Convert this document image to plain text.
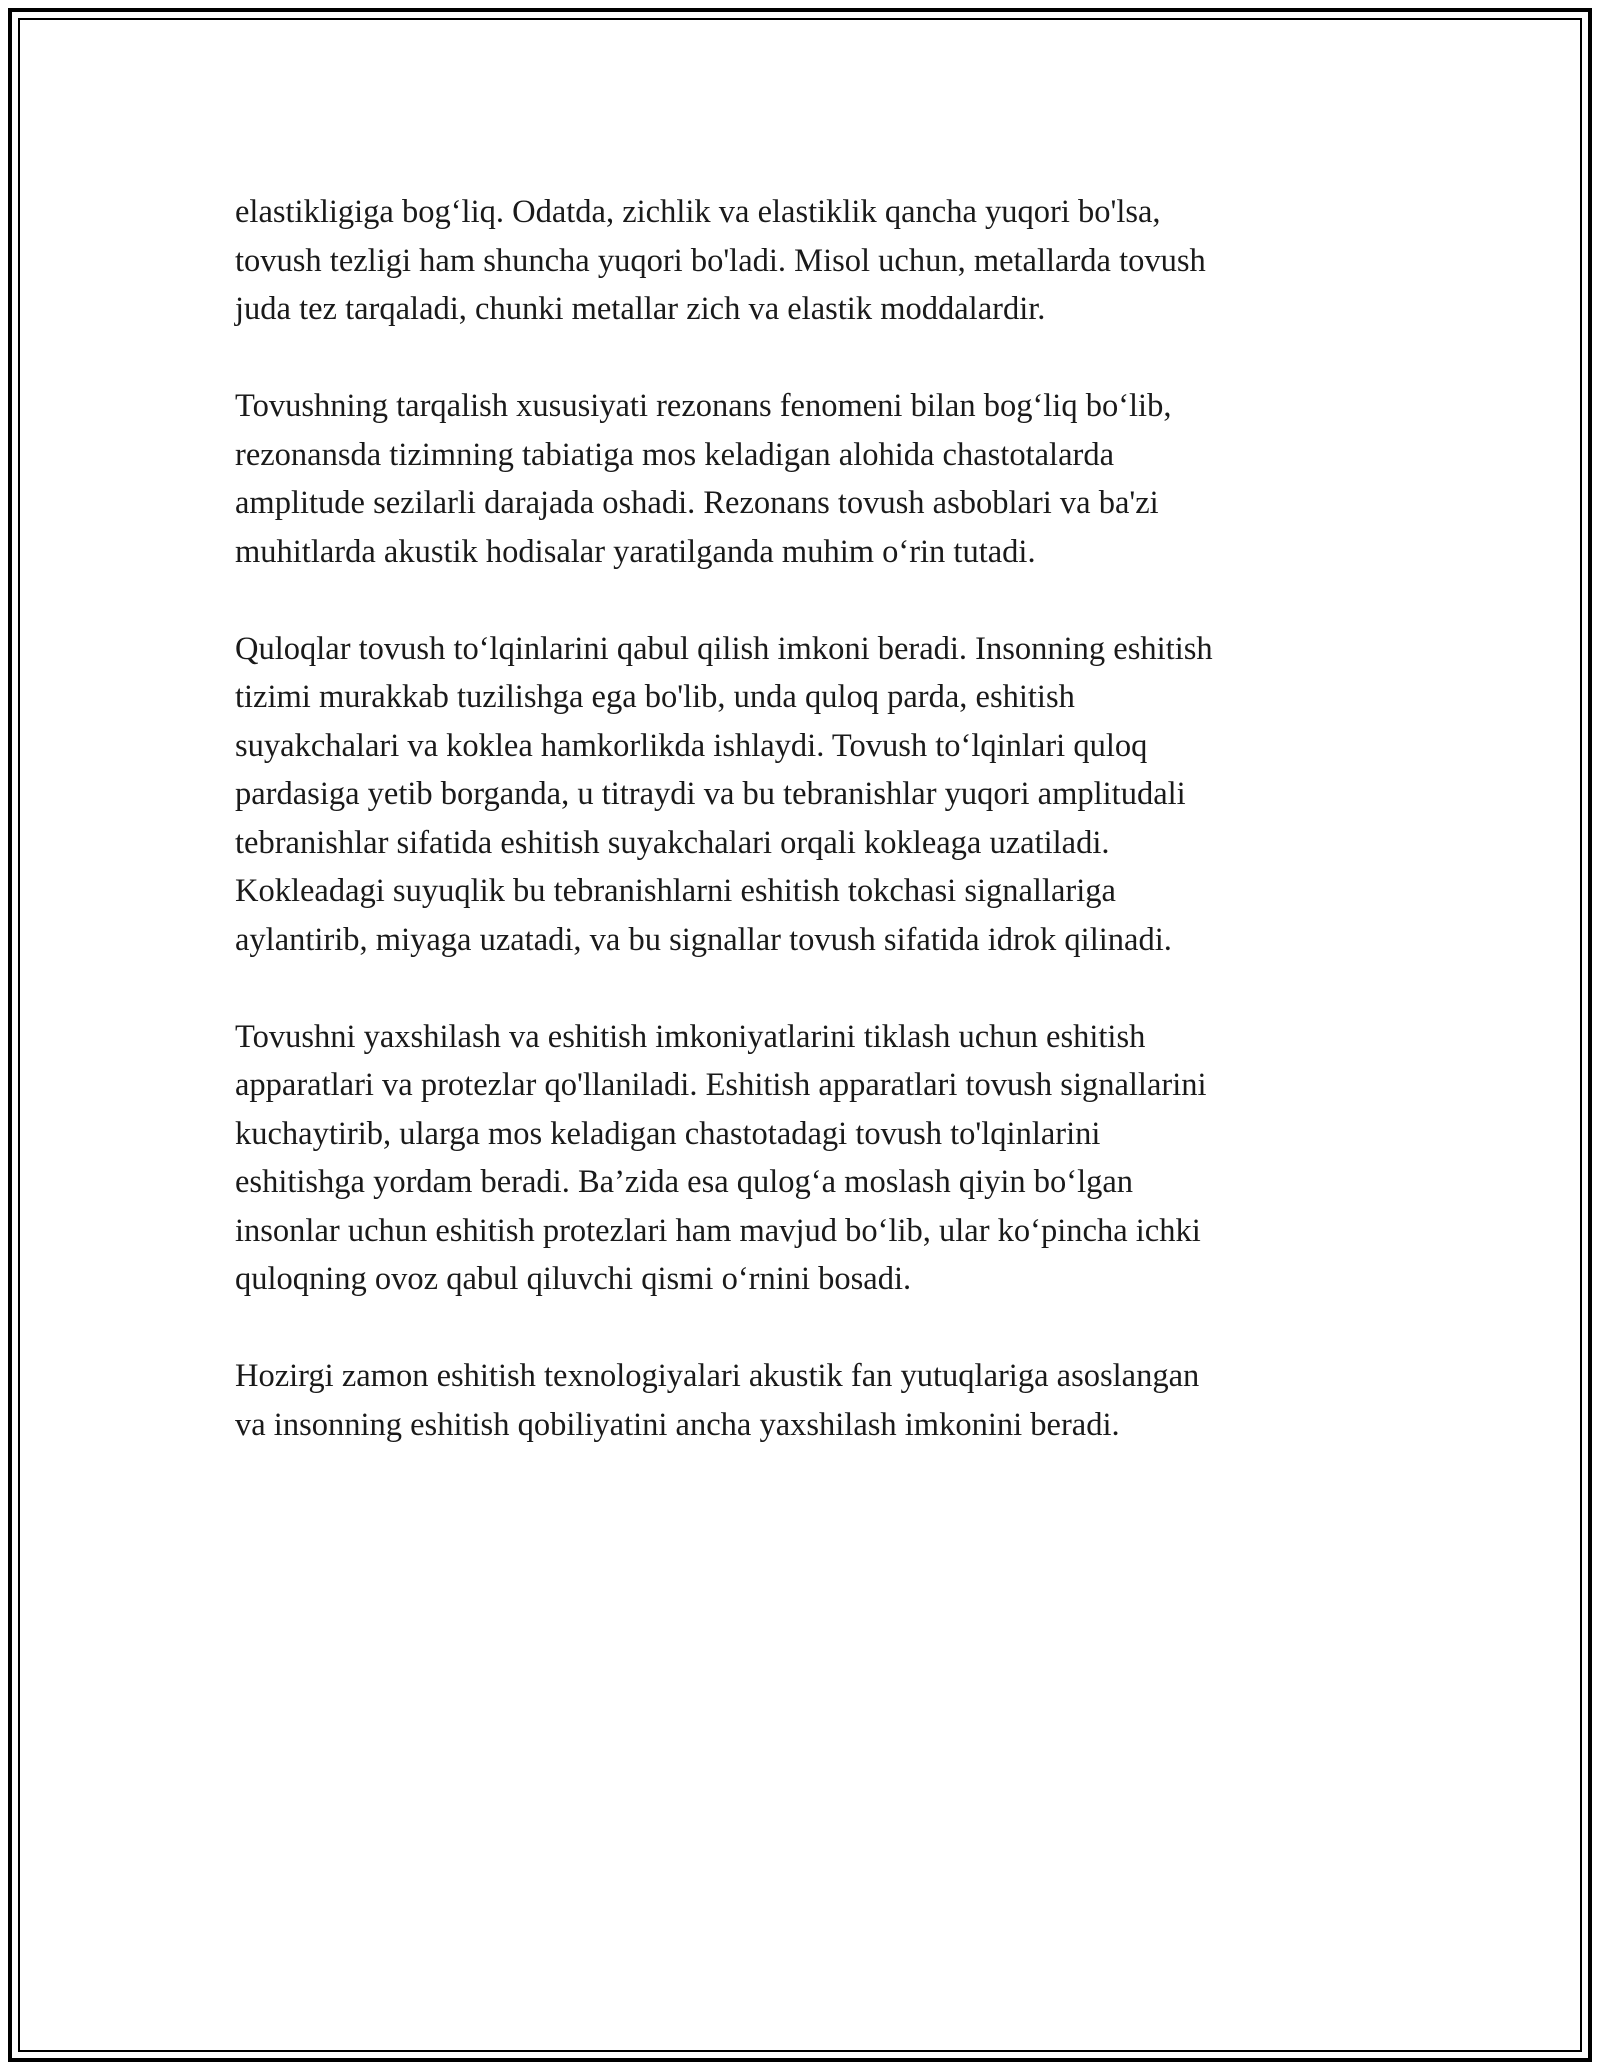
elastikligiga bog‘liq. Odatda, zichlik va elastiklik qancha yuqori bo'lsa,
tovush tezligi ham shuncha yuqori bo'ladi. Misol uchun, metallarda tovush
juda tez tarqaladi, chunki metallar zich va elastik moddalardir.

Tovushning tarqalish xususiyati rezonans fenomeni bilan bog‘liq bo‘lib,
rezonansda tizimning tabiatiga mos keladigan alohida chastotalarda
amplitude sezilarli darajada oshadi. Rezonans tovush asboblari va ba'zi
muhitlarda akustik hodisalar yaratilganda muhim o‘rin tutadi.

Quloqlar tovush to‘lqinlarini qabul qilish imkoni beradi. Insonning eshitish
tizimi murakkab tuzilishga ega bo'lib, unda quloq parda, eshitish
suyakchalari va koklea hamkorlikda ishlaydi. Tovush to‘lqinlari quloq
pardasiga yetib borganda, u titraydi va bu tebranishlar yuqori amplitudali
tebranishlar sifatida eshitish suyakchalari orqali kokleaga uzatiladi.
Kokleadagi suyuqlik bu tebranishlarni eshitish tokchasi signallariga
aylantirib, miyaga uzatadi, va bu signallar tovush sifatida idrok qilinadi.

Tovushni yaxshilash va eshitish imkoniyatlarini tiklash uchun eshitish
apparatlari va protezlar qo'llaniladi. Eshitish apparatlari tovush signallarini
kuchaytirib, ularga mos keladigan chastotadagi tovush to'lqinlarini
eshitishga yordam beradi. Ba’zida esa qulog‘a moslash qiyin bo‘lgan
insonlar uchun eshitish protezlari ham mavjud bo‘lib, ular ko‘pincha ichki
quloqning ovoz qabul qiluvchi qismi o‘rnini bosadi.

Hozirgi zamon eshitish texnologiyalari akustik fan yutuqlariga asoslangan
va insonning eshitish qobiliyatini ancha yaxshilash imkonini beradi.
